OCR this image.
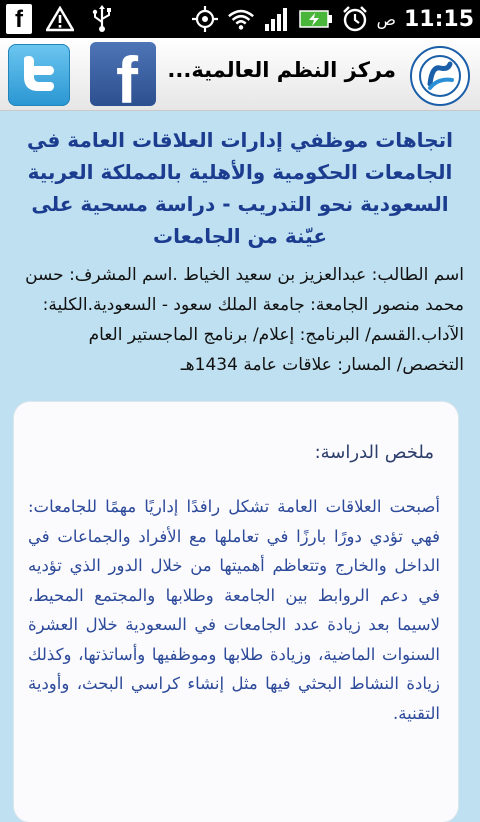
f	ص 11:15
f مركز النظم العالمية...
اتجاهات موظفي إدارات العلاقات العامة في الجامعات الحكومية والأهلية بالمملكة العربية السعودية نحو التدريب - دراسة مسحية على عيّنة من الجامعات

اسم الطالب: عبدالعزيز بن سعيد الخياط .اسم المشرف: حسن محمد منصور الجامعة: جامعة الملك سعود - السعودية.الكلية: الآداب.القسم/ البرنامج: إعلام/ برنامج الماجستير العام التخصص/ المسار: علاقات عامة 1434هـ

ملخص الدراسة:
أصبحت العلاقات العامة تشكل رافدًا إداريًا مهمًا للجامعات: فهي تؤدي دورًا بارزًا في تعاملها مع الأفراد والجماعات في الداخل والخارج وتتعاظم أهميتها من خلال الدور الذي تؤديه في دعم الروابط بين الجامعة وطلابها والمجتمع المحيط، لاسيما بعد زيادة عدد الجامعات في السعودية خلال العشرة السنوات الماضية، وزيادة طلابها وموظفيها وأساتذتها، وكذلك زيادة النشاط البحثي فيها مثل إنشاء كراسي البحث، وأودية التقنية.
